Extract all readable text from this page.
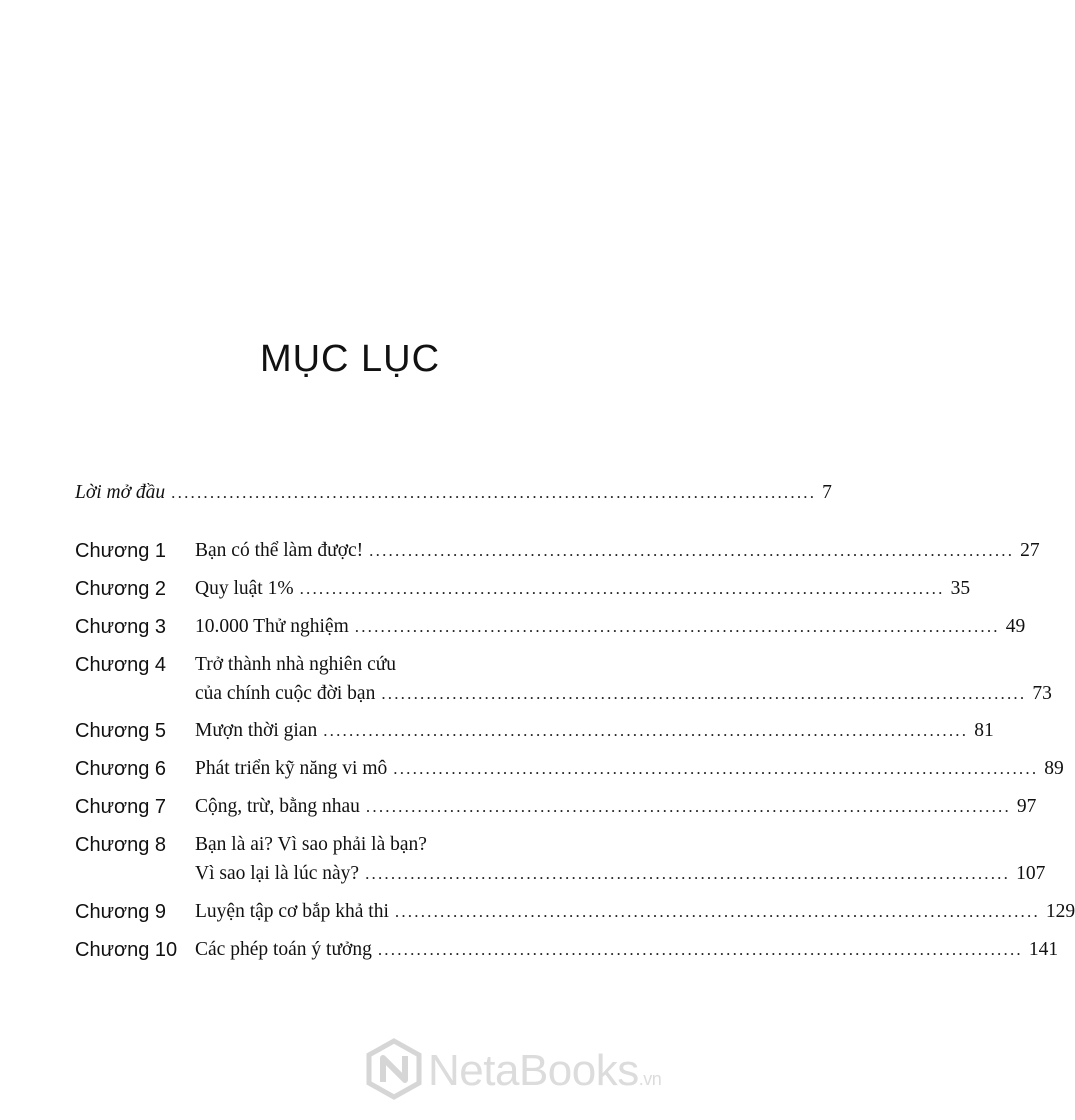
MỤC LỤC
Lời mở đầu .................................................................................................... 7
Chương 1 Bạn có thể làm được! .................................................................................................... 27
Chương 2 Quy luật 1% .................................................................................................... 35
Chương 3 10.000 Thử nghiệm .................................................................................................... 49
Chương 4 Trở thành nhà nghiên cứu
của chính cuộc đời bạn .................................................................................................... 73
Chương 5 Mượn thời gian .................................................................................................... 81
Chương 6 Phát triển kỹ năng vi mô .................................................................................................... 89
Chương 7 Cộng, trừ, bằng nhau .................................................................................................... 97
Chương 8 Bạn là ai? Vì sao phải là bạn?
Vì sao lại là lúc này? .................................................................................................... 107
Chương 9 Luyện tập cơ bắp khả thi .................................................................................................... 129
Chương 10 Các phép toán ý tưởng .................................................................................................... 141
NetaBooks.vn
